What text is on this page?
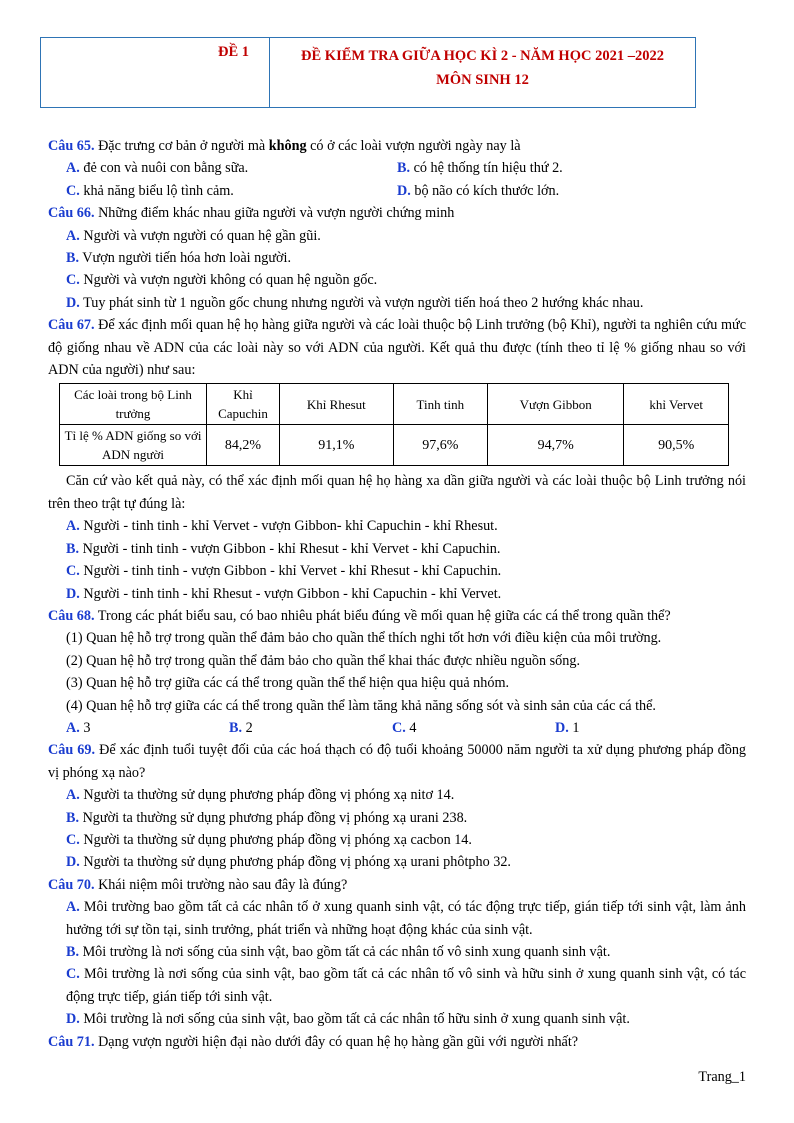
ĐỀ 1	ĐỀ KIỂM TRA GIỮA HỌC KÌ 2 - NĂM HỌC 2021 –2022
MÔN SINH 12
Câu 65. Đặc trưng cơ bản ở người mà không có ở các loài vượn người ngày nay là
A. đẻ con và nuôi con bằng sữa.	B. có hệ thống tín hiệu thứ 2.
C. khả năng biểu lộ tình cảm.	D. bộ não có kích thước lớn.
Câu 66. Những điểm khác nhau giữa người và vượn người chứng minh
A. Người và vượn người có quan hệ gần gũi.
B. Vượn người tiến hóa hơn loài người.
C. Người và vượn người không có quan hệ nguồn gốc.
D. Tuy phát sinh từ 1 nguồn gốc chung nhưng người và vượn người tiến hoá theo 2 hướng khác nhau.
Câu 67. Để xác định mối quan hệ họ hàng giữa người và các loài thuộc bộ Linh trưởng (bộ Khỉ), người ta nghiên cứu mức độ giống nhau về ADN của các loài này so với ADN của người. Kết quả thu được (tính theo tỉ lệ % giống nhau so với ADN của người) như sau:
Các loài trong bộ Linh trưởng	Khỉ Capuchin	Khỉ Rhesut	Tinh tinh	Vượn Gibbon	khỉ Vervet
Tỉ lệ % ADN giống so với ADN người	84,2%	91,1%	97,6%	94,7%	90,5%
Căn cứ vào kết quả này, có thể xác định mối quan hệ họ hàng xa dần giữa người và các loài thuộc bộ Linh trưởng nói trên theo trật tự đúng là:
A. Người - tinh tinh - khỉ Vervet - vượn Gibbon- khỉ Capuchin - khỉ Rhesut.
B. Người - tinh tinh - vượn Gibbon - khỉ Rhesut - khỉ Vervet - khỉ Capuchin.
C. Người - tinh tinh - vượn Gibbon - khỉ Vervet - khỉ Rhesut - khỉ Capuchin.
D. Người - tinh tinh - khỉ Rhesut - vượn Gibbon - khỉ Capuchin - khỉ Vervet.
Câu 68. Trong các phát biểu sau, có bao nhiêu phát biểu đúng về mối quan hệ giữa các cá thể trong quần thể?
(1) Quan hệ hỗ trợ trong quần thể đảm bảo cho quần thể thích nghi tốt hơn với điều kiện của môi trường.
(2) Quan hệ hỗ trợ trong quần thể đảm bảo cho quần thể khai thác được nhiều nguồn sống.
(3) Quan hệ hỗ trợ giữa các cá thể trong quần thể thể hiện qua hiệu quả nhóm.
(4) Quan hệ hỗ trợ giữa các cá thể trong quần thể làm tăng khả năng sống sót và sinh sản của các cá thể.
A. 3	B. 2	C. 4	D. 1
Câu 69. Để xác định tuổi tuyệt đối của các hoá thạch có độ tuổi khoảng 50000 năm người ta xử dụng phương pháp đồng vị phóng xạ nào?
A. Người ta thường sử dụng phương pháp đồng vị phóng xạ nitơ 14.
B. Người ta thường sử dụng phương pháp đồng vị phóng xạ urani 238.
C. Người ta thường sử dụng phương pháp đồng vị phóng xạ cacbon 14.
D. Người ta thường sử dụng phương pháp đồng vị phóng xạ urani phôtpho 32.
Câu 70. Khái niệm môi trường nào sau đây là đúng?
A. Môi trường bao gồm tất cả các nhân tố ở xung quanh sinh vật, có tác động trực tiếp, gián tiếp tới sinh vật, làm ảnh hưởng tới sự tồn tại, sinh trưởng, phát triển và những hoạt động khác của sinh vật.
B. Môi trường là nơi sống của sinh vật, bao gồm tất cả các nhân tố vô sinh xung quanh sinh vật.
C. Môi trường là nơi sống của sinh vật, bao gồm tất cả các nhân tố vô sinh và hữu sinh ở xung quanh sinh vật, có tác động trực tiếp, gián tiếp tới sinh vật.
D. Môi trường là nơi sống của sinh vật, bao gồm tất cả các nhân tố hữu sinh ở xung quanh sinh vật.
Câu 71. Dạng vượn người hiện đại nào dưới đây có quan hệ họ hàng gần gũi với người nhất?
Trang_1
